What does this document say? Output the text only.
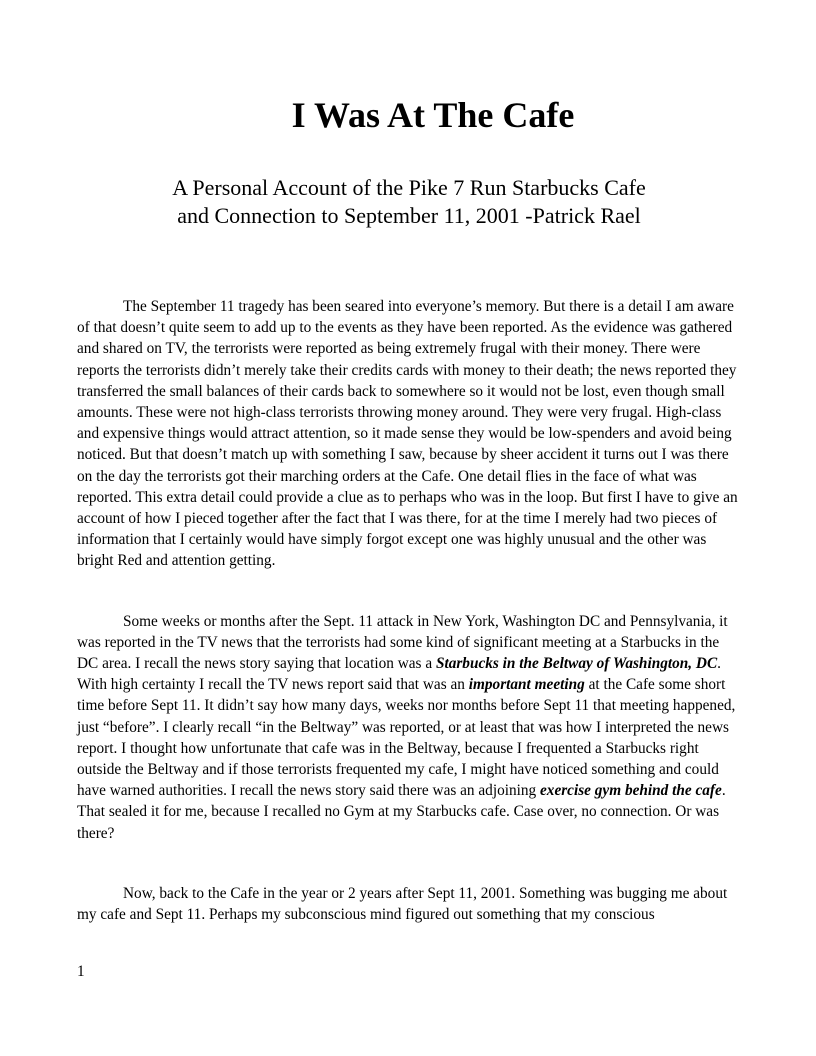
I Was At The Cafe
A Personal Account of the Pike 7 Run Starbucks Cafe
and Connection to September 11, 2001 -Patrick Rael

The September 11 tragedy has been seared into everyone’s memory. But there is a detail I am aware of that doesn’t quite seem to add up to the events as they have been reported. As the evidence was gathered and shared on TV, the terrorists were reported as being extremely frugal with their money. There were reports the terrorists didn’t merely take their credits cards with money to their death; the news reported they transferred the small balances of their cards back to somewhere so it would not be lost, even though small amounts. These were not high-class terrorists throwing money around. They were very frugal. High-class and expensive things would attract attention, so it made sense they would be low-spenders and avoid being noticed. But that doesn’t match up with something I saw, because by sheer accident it turns out I was there on the day the terrorists got their marching orders at the Cafe. One detail flies in the face of what was reported. This extra detail could provide a clue as to perhaps who was in the loop. But first I have to give an account of how I pieced together after the fact that I was there, for at the time I merely had two pieces of information that I certainly would have simply forgot except one was highly unusual and the other was bright Red and attention getting.

Some weeks or months after the Sept. 11 attack in New York, Washington DC and Pennsylvania, it was reported in the TV news that the terrorists had some kind of significant meeting at a Starbucks in the DC area. I recall the news story saying that location was a Starbucks in the Beltway of Washington, DC. With high certainty I recall the TV news report said that was an important meeting at the Cafe some short time before Sept 11. It didn’t say how many days, weeks nor months before Sept 11 that meeting happened, just “before”. I clearly recall “in the Beltway” was reported, or at least that was how I interpreted the news report. I thought how unfortunate that cafe was in the Beltway, because I frequented a Starbucks right outside the Beltway and if those terrorists frequented my cafe, I might have noticed something and could have warned authorities. I recall the news story said there was an adjoining exercise gym behind the cafe. That sealed it for me, because I recalled no Gym at my Starbucks cafe. Case over, no connection. Or was there?

Now, back to the Cafe in the year or 2 years after Sept 11, 2001. Something was bugging me about my cafe and Sept 11. Perhaps my subconscious mind figured out something that my conscious

1
